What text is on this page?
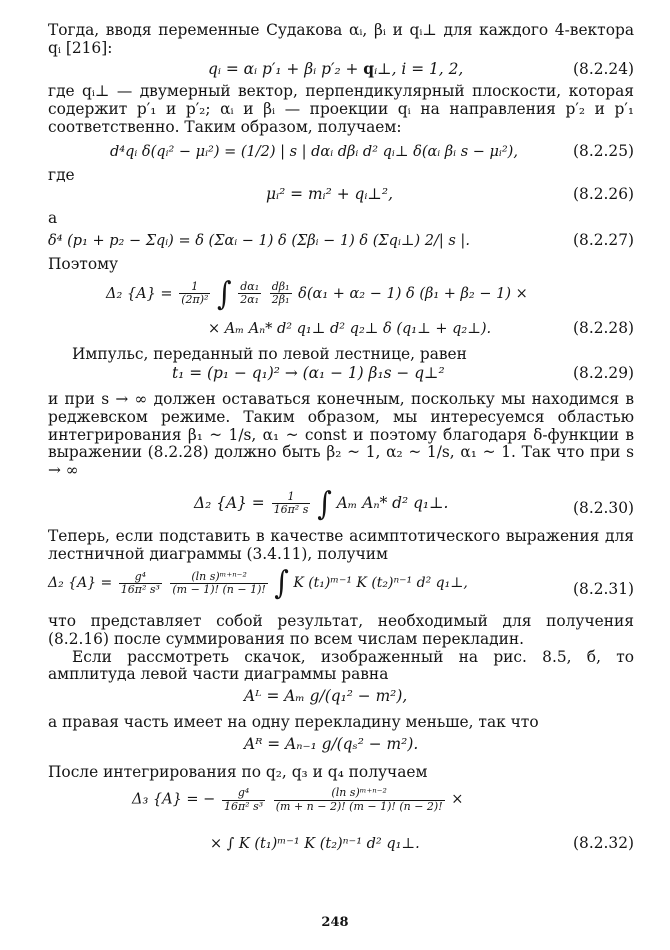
Тогда, вводя переменные Судакова αᵢ, βᵢ и qᵢ⊥ для каждого 4-вектора qᵢ [216]:

qᵢ = αᵢ p′₁ + βᵢ p′₂ + qᵢ⊥, i = 1, 2,	(8.2.24)

где qᵢ⊥ — двумерный вектор, перпендикулярный плоскости, которая содержит p′₁ и p′₂; αᵢ и βᵢ — проекции qᵢ на направления p′₂ и p′₁ соответственно. Таким образом, получаем:

d⁴qᵢ δ(qᵢ² − μᵢ²) = (1/2) | s | dαᵢ dβᵢ d² qᵢ⊥ δ(αᵢ βᵢ s − μᵢ²),	(8.2.25)

где

μᵢ² = mᵢ² + qᵢ⊥²,	(8.2.26)

а

δ⁴ (p₁ + p₂ − Σqᵢ) = δ (Σαᵢ − 1) δ (Σβᵢ − 1) δ (Σqᵢ⊥) 2/| s |.	(8.2.27)

Поэтому

Δ₂ $\{A\} = \frac{1}{\text{(2π)²}}$ ∫ $\frac{\text{dα₁}}{\text{2α₁}}$
$\frac{\text{dβ₁}}{\text{2β₁}} \delta(\alpha_1 + \alpha_2 - 1)$ δ (β₁ + β₂ − 1) ×
× Aₘ Aₙ* d² q₁⊥ d² q₂⊥ δ (q₁⊥ + q₂⊥).	(8.2.28)

Импульс, переданный по левой лестнице, равен

t₁ = (p₁ − q₁)² → (α₁ − 1) β₁s − q⊥²	(8.2.29)

и при s → ∞ должен оставаться конечным, поскольку мы находимся в реджевском режиме. Таким образом, мы интересуемся областью интегрирования β₁ ~ 1/s, α₁ ~ const и поэтому благодаря δ-функции в выражении (8.2.28) должно быть β₂ ~ 1, α₂ ~ 1/s, α₁ ~ 1. Так что при s → ∞

Δ₂ $\{A\} = \frac{1}{\text{16π² s}}$ ∫ Aₘ Aₙ* d² q₁⊥.	(8.2.30)

Теперь, если подставить в качестве асимптотического выражения для лестничной диаграммы (3.4.11), получим

Δ₂ $\{A\} = \frac{\text{g⁴}}{\text{16π² s³}}$
$\frac{\text{(ln s)ᵐ⁺ⁿ⁻²}}{(m - 1)! (n - 1)!}$ ∫ K (t₁)ᵐ⁻¹ K (t₂)ⁿ⁻¹ d² q₁⊥,	(8.2.31)

что представляет собой результат, необходимый для получения (8.2.16) после суммирования по всем числам перекладин.

Если рассмотреть скачок, изображенный на рис. 8.5, б, то амплитуда левой части диаграммы равна

Aᴸ = Aₘ g/(q₁² − m²),

а правая часть имеет на одну перекладину меньше, так что

Aᴿ = Aₙ₋₁ g/(qₛ² − m²).

После интегрирования по q₂, q₃ и q₄ получаем

Δ₃ {A} = − $\frac{\text{g⁴}}{\text{16π² s³}}$
$\frac{\text{(ln s)ᵐ⁺ⁿ⁻²}}{(m + n - 2)! (m - 1)! (n - 2)!}$ ×
× ∫ K (t₁)ᵐ⁻¹ K (t₂)ⁿ⁻¹ d² q₁⊥.	(8.2.32)
248
